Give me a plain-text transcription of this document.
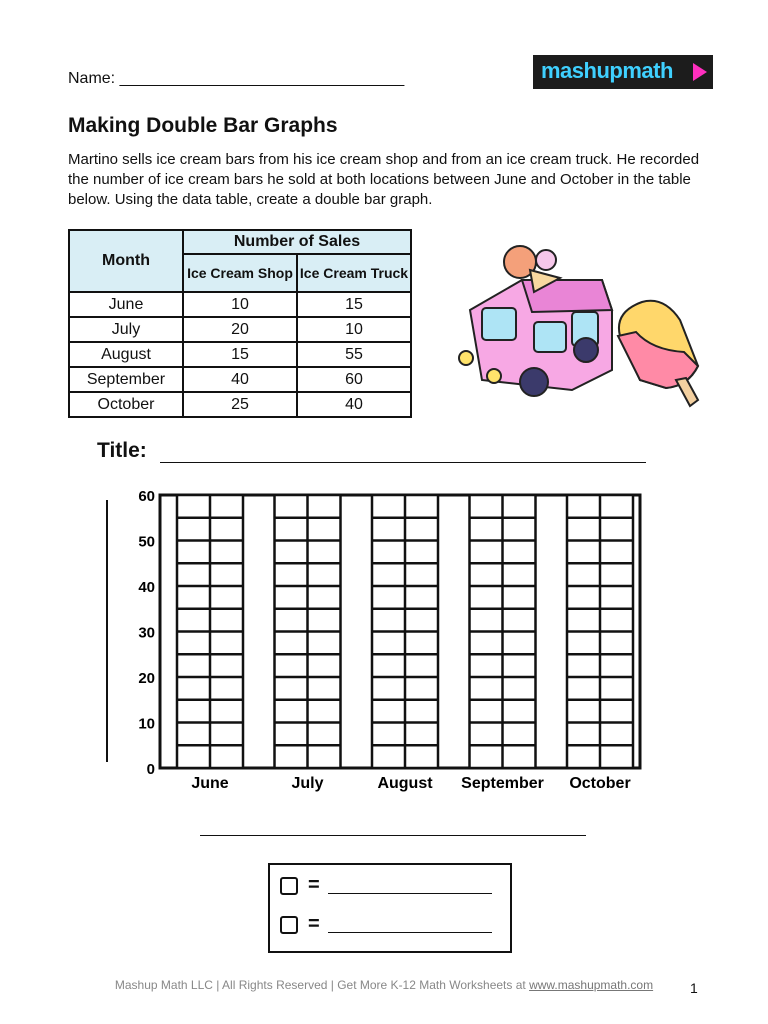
Name: ________________________________	mashupmath
Making Double Bar Graphs
Martino sells ice cream bars from his ice cream shop and from an ice cream truck. He recorded the number of ice cream bars he sold at both locations between June and October in the table below. Using the data table, create a double bar graph.
Month	Number of Sales	
	Ice Cream Shop	Ice Cream Truck
June	10	15
July	20	10
August	15	55
September	40	60
October	25	40
Title:
June	July	August September October
0
10
20
30
40
50
60
=
=
Mashup Math LLC | All Rights Reserved | Get More K-12 Math Worksheets at www.mashupmath.com	1
